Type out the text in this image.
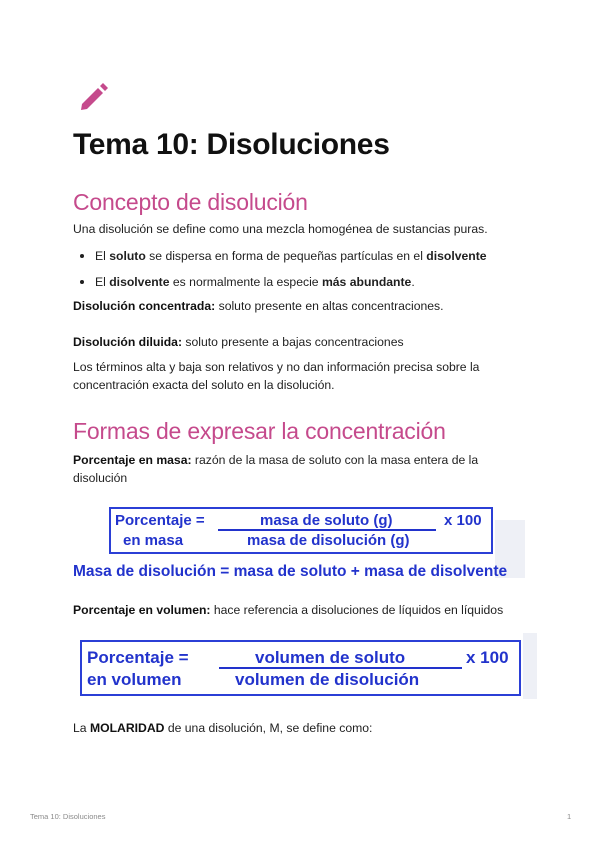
Tema 10: Disoluciones
Concepto de disolución
Una disolución se define como una mezcla homogénea de sustancias puras.
El soluto se dispersa en forma de pequeñas partículas en el disolvente
El disolvente es normalmente la especie más abundante.
Disolución concentrada: soluto presente en altas concentraciones.
Disolución diluida: soluto presente a bajas concentraciones
Los términos alta y baja son relativos y no dan información precisa sobre la
concentración exacta del soluto en la disolución.
Formas de expresar la concentración
Porcentaje en masa: razón de la masa de soluto con la masa entera de la
disolución
Porcentaje =
en masa
masa de soluto (g)
masa de disolución (g)
x 100
Masa de disolución = masa de soluto + masa de disolvente
Porcentaje en volumen: hace referencia a disoluciones de líquidos en líquidos
Porcentaje =
en volumen
volumen de soluto
volumen de disolución
x 100
La MOLARIDAD de una disolución, M, se define como:
Tema 10: Disoluciones	1
